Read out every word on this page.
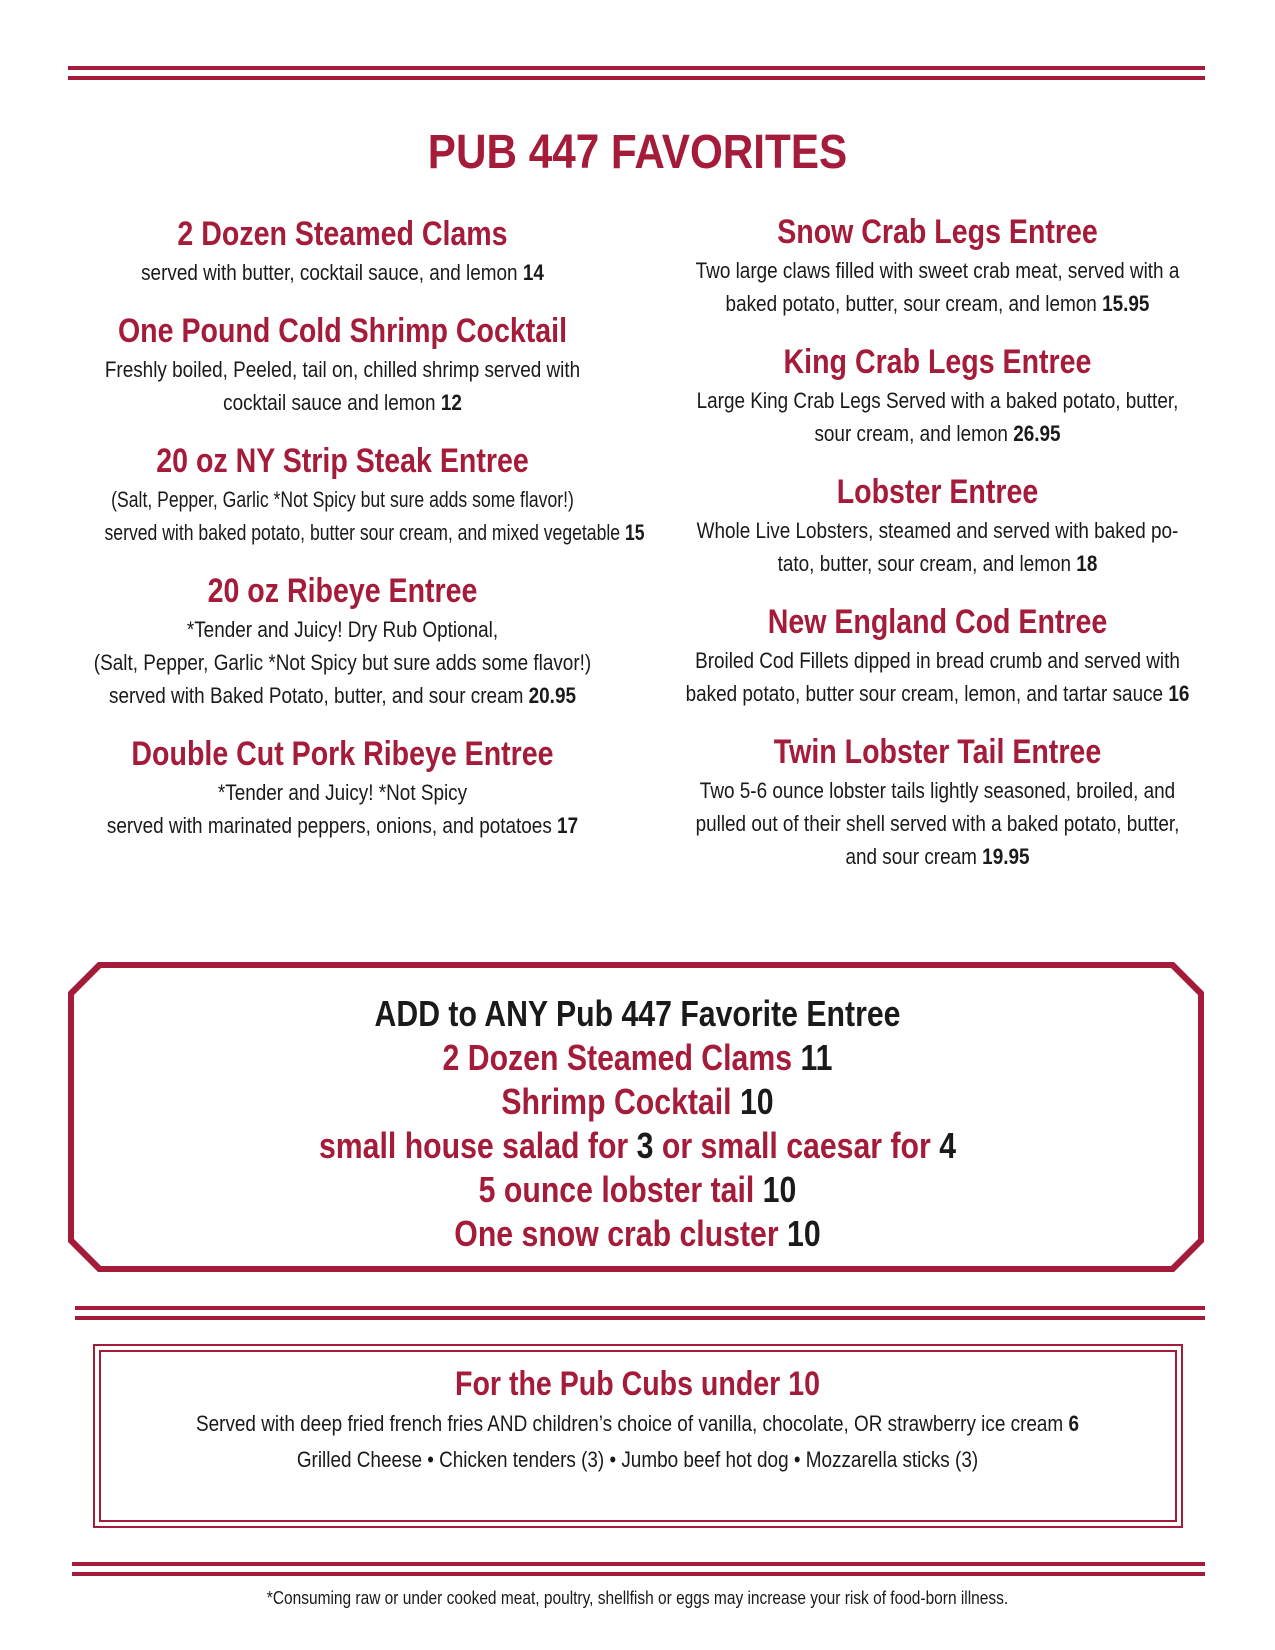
PUB 447 FAVORITES
2 Dozen Steamed Clams
served with butter, cocktail sauce, and lemon 14
One Pound Cold Shrimp Cocktail
Freshly boiled, Peeled, tail on, chilled shrimp served with
cocktail sauce and lemon 12
20 oz NY Strip Steak Entree
(Salt, Pepper, Garlic *Not Spicy but sure adds some flavor!)
served with baked potato, butter sour cream, and mixed vegetable 15
20 oz Ribeye Entree
*Tender and Juicy! Dry Rub Optional,
(Salt, Pepper, Garlic *Not Spicy but sure adds some flavor!)
served with Baked Potato, butter, and sour cream 20.95
Double Cut Pork Ribeye Entree
*Tender and Juicy! *Not Spicy
served with marinated peppers, onions, and potatoes 17
Snow Crab Legs Entree
Two large claws filled with sweet crab meat, served with a
baked potato, butter, sour cream, and lemon 15.95
King Crab Legs Entree
Large King Crab Legs Served with a baked potato, butter,
sour cream, and lemon 26.95
Lobster Entree
Whole Live Lobsters, steamed and served with baked po-
tato, butter, sour cream, and lemon 18
New England Cod Entree
Broiled Cod Fillets dipped in bread crumb and served with
baked potato, butter sour cream, lemon, and tartar sauce 16
Twin Lobster Tail Entree
Two 5-6 ounce lobster tails lightly seasoned, broiled, and
pulled out of their shell served with a baked potato, butter,
and sour cream 19.95
ADD to ANY Pub 447 Favorite Entree
2 Dozen Steamed Clams 11
Shrimp Cocktail 10
small house salad for 3 or small caesar for 4
5 ounce lobster tail 10
One snow crab cluster 10
For the Pub Cubs under 10
Served with deep fried french fries AND children’s choice of vanilla, chocolate, OR strawberry ice cream 6
Grilled Cheese • Chicken tenders (3) • Jumbo beef hot dog • Mozzarella sticks (3)
*Consuming raw or under cooked meat, poultry, shellfish or eggs may increase your risk of food-born illness.
